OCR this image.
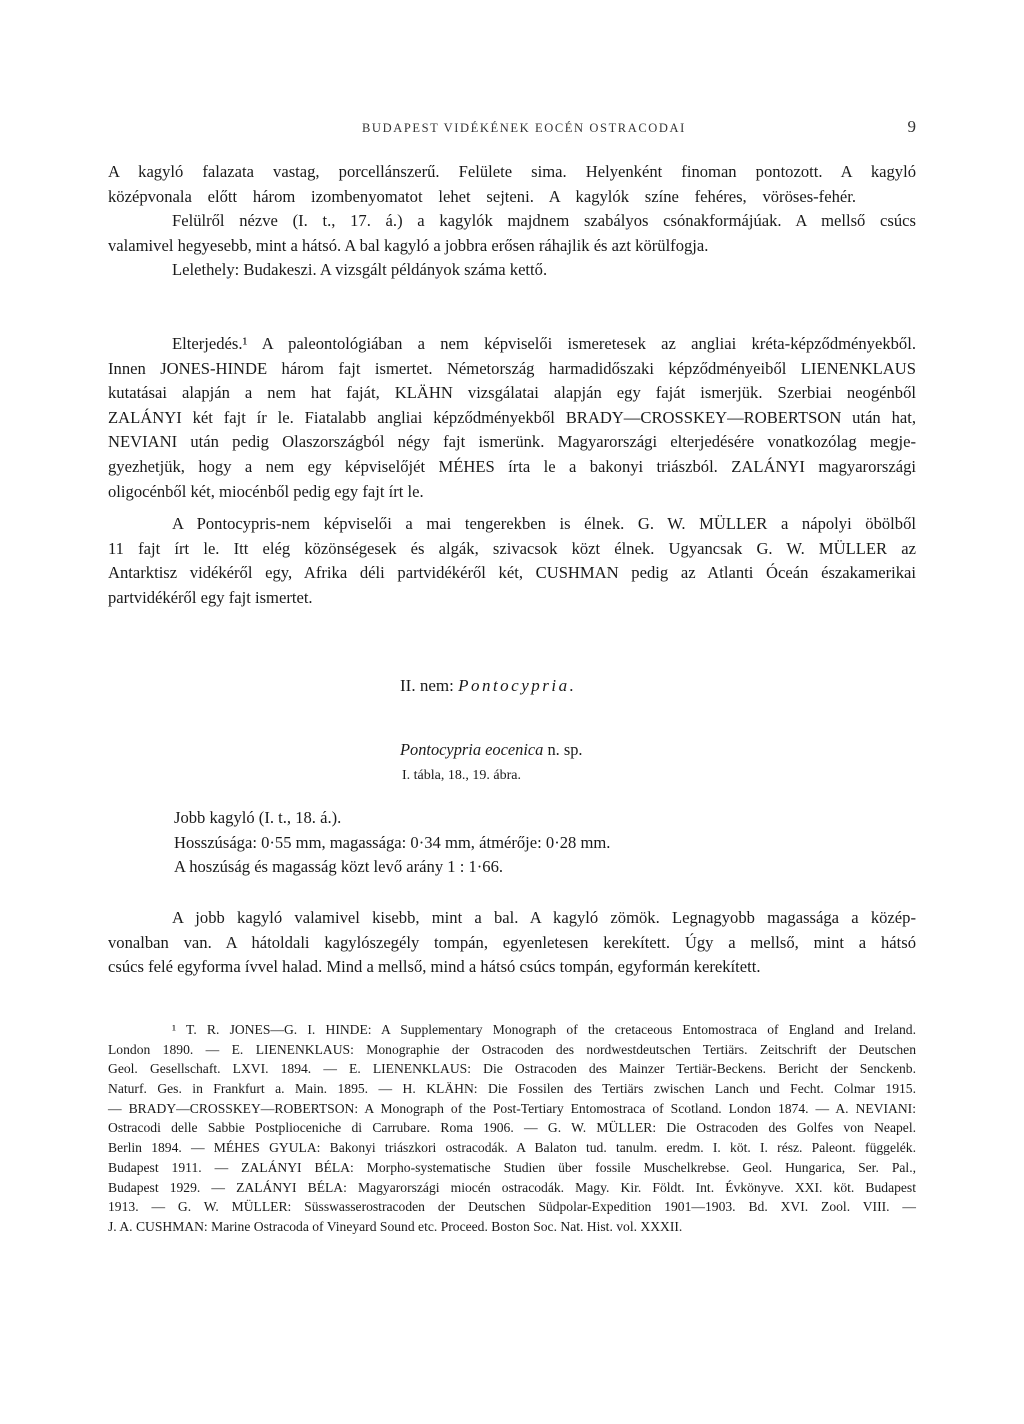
BUDAPEST VIDÉKÉNEK EOCÉN OSTRACODAI	9
A kagyló falazata vastag, porcellánszerű. Felülete sima. Helyenként finoman pontozott. A kagyló
középvonala előtt három izombenyomatot lehet sejteni. A kagylók színe fehéres, vöröses-fehér.
Felülről nézve (I. t., 17. á.) a kagylók majdnem szabályos csónakformájúak. A mellső csúcs
valamivel hegyesebb, mint a hátsó. A bal kagyló a jobbra erősen ráhajlik és azt körülfogja.
Lelethely: Budakeszi. A vizsgált példányok száma kettő.
Elterjedés.¹ A paleontológiában a nem képviselői ismeretesek az angliai kréta-képződményekből.
Innen JONES-HINDE három fajt ismertet. Németország harmadidőszaki képződményeiből LIENENKLAUS
kutatásai alapján a nem hat faját, KLÄHN vizsgálatai alapján egy faját ismerjük. Szerbiai neogénből
ZALÁNYI két fajt ír le. Fiatalabb angliai képződményekből BRADY—CROSSKEY—ROBERTSON után hat,
NEVIANI után pedig Olaszországból négy fajt ismerünk. Magyarországi elterjedésére vonatkozólag megje-
gyezhetjük, hogy a nem egy képviselőjét MÉHES írta le a bakonyi triászból. ZALÁNYI magyarországi
oligocénből két, miocénből pedig egy fajt írt le.
A Pontocypris-nem képviselői a mai tengerekben is élnek. G. W. MÜLLER a nápolyi öbölből
11 fajt írt le. Itt elég közönségesek és algák, szivacsok közt élnek. Ugyancsak G. W. MÜLLER az
Antarktisz vidékéről egy, Afrika déli partvidékéről két, CUSHMAN pedig az Atlanti Óceán északamerikai
partvidékéről egy fajt ismertet.
II. nem: Pontocypria.
Pontocypria eocenica n. sp.
I. tábla, 18., 19. ábra.
Jobb kagyló (I. t., 18. á.).
Hosszúsága: 0·55 mm, magassága: 0·34 mm, átmérője: 0·28 mm.
A hoszúság és magasság közt levő arány 1 : 1·66.
A jobb kagyló valamivel kisebb, mint a bal. A kagyló zömök. Legnagyobb magassága a közép-
vonalban van. A hátoldali kagylószegély tompán, egyenletesen kerekített. Úgy a mellső, mint a hátsó
csúcs felé egyforma ívvel halad. Mind a mellső, mind a hátsó csúcs tompán, egyformán kerekített.
¹ T. R. JONES—G. I. HINDE: A Supplementary Monograph of the cretaceous Entomostraca of England and Ireland.
London 1890. — E. LIENENKLAUS: Monographie der Ostracoden des nordwestdeutschen Tertiärs. Zeitschrift der Deutschen
Geol. Gesellschaft. LXVI. 1894. — E. LIENENKLAUS: Die Ostracoden des Mainzer Tertiär-Beckens. Bericht der Senckenb.
Naturf. Ges. in Frankfurt a. Main. 1895. — H. KLÄHN: Die Fossilen des Tertiärs zwischen Lanch und Fecht. Colmar 1915.
— BRADY—CROSSKEY—ROBERTSON: A Monograph of the Post-Tertiary Entomostraca of Scotland. London 1874. — A. NEVIANI:
Ostracodi delle Sabbie Postplioceniche di Carrubare. Roma 1906. — G. W. MÜLLER: Die Ostracoden des Golfes von Neapel.
Berlin 1894. — MÉHES GYULA: Bakonyi triászkori ostracodák. A Balaton tud. tanulm. eredm. I. köt. I. rész. Paleont. függelék.
Budapest 1911. — ZALÁNYI BÉLA: Morpho-systematische Studien über fossile Muschelkrebse. Geol. Hungarica, Ser. Pal.,
Budapest 1929. — ZALÁNYI BÉLA: Magyarországi miocén ostracodák. Magy. Kir. Földt. Int. Évkönyve. XXI. köt. Budapest
1913. — G. W. MÜLLER: Süsswasserostracoden der Deutschen Südpolar-Expedition 1901—1903. Bd. XVI. Zool. VIII. —
J. A. CUSHMAN: Marine Ostracoda of Vineyard Sound etc. Proceed. Boston Soc. Nat. Hist. vol. XXXII.
